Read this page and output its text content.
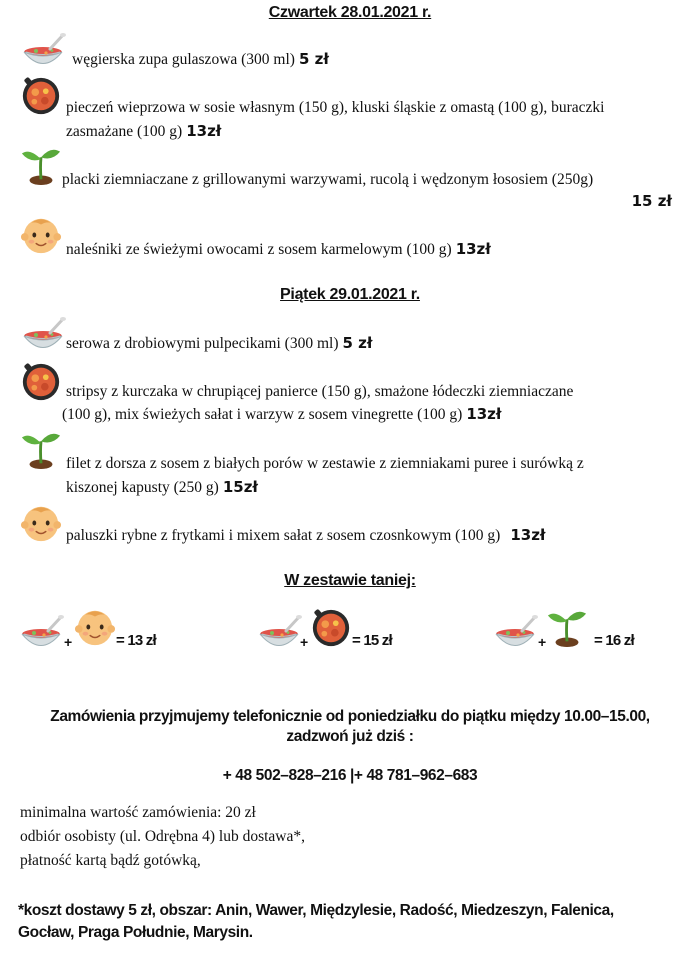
Czwartek 28.01.2021 r.
węgierska zupa gulaszowa (300 ml) 5 zł
pieczeń wieprzowa w sosie własnym (150 g), kluski śląskie z omastą (100 g), buraczki
zasmażane (100 g) 13zł
placki ziemniaczane z grillowanymi warzywami, rucolą i wędzonym łososiem (250g)
15 zł
naleśniki ze świeżymi owocami z sosem karmelowym (100 g) 13zł
Piątek 29.01.2021 r.
serowa z drobiowymi pulpecikami (300 ml) 5 zł
stripsy z kurczaka w chrupiącej panierce (150 g), smażone łódeczki ziemniaczane
(100 g), mix świeżych sałat i warzyw z sosem vinegrette (100 g) 13zł
filet z dorsza z sosem z białych porów w zestawie z ziemniakami puree i surówką z
kiszonej kapusty (250 g) 15zł
paluszki rybne z frytkami i mixem sałat z sosem czosnkowym (100 g) 13zł
W zestawie taniej:
+	= 13 zł	+	= 15 zł	+	= 16 zł
Zamówienia przyjmujemy telefonicznie od poniedziałku do piątku między 10.00–15.00,
zadzwoń już dziś :
+ 48 502–828–216 |+ 48 781–962–683
minimalna wartość zamówienia: 20 zł
odbiór osobisty (ul. Odrębna 4) lub dostawa*,
płatność kartą bądź gotówką,
*koszt dostawy 5 zł, obszar: Anin, Wawer, Międzylesie, Radość, Miedzeszyn, Falenica,
Gocław, Praga Południe, Marysin.
